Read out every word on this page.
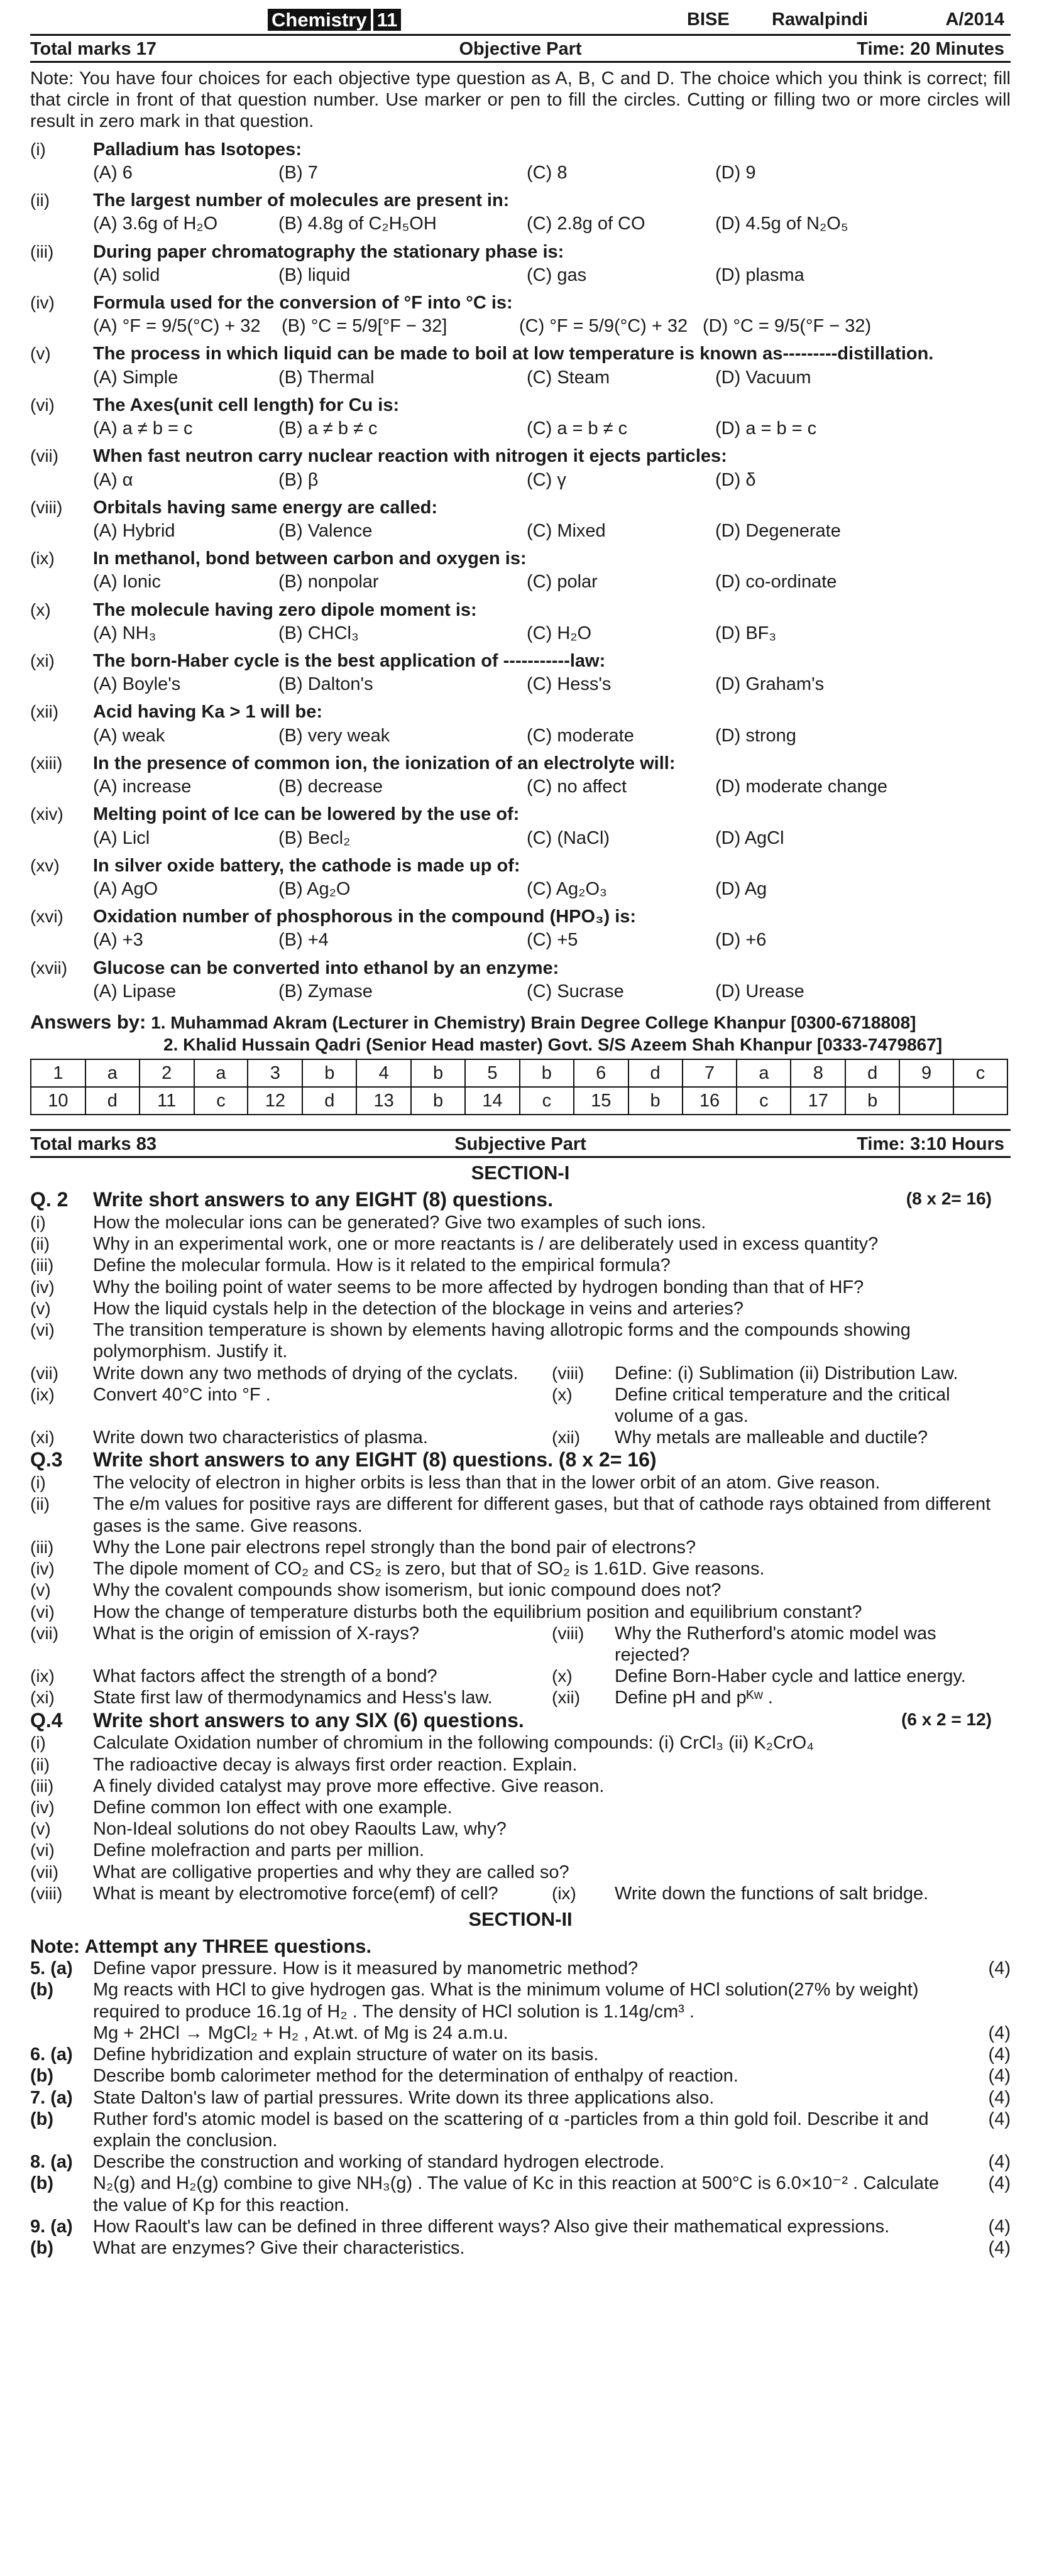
Chemistry 11	BISE Rawalpindi	A/2014
Objective Part
Total marks 17	Time: 20 Minutes
Note: You have four choices for each objective type question as A, B, C and D. The choice which you think is correct; fill that circle in front of that question number. Use marker or pen to fill the circles. Cutting or filling two or more circles will result in zero mark in that question.
(i)	Palladium has Isotopes:
(A) 6	(B) 7	(C) 8	(D) 9
(ii)	The largest number of molecules are present in:
(A) 3.6g of H₂O	(B) 4.8g of C₂H₅OH	(C) 2.8g of CO	(D) 4.5g of N₂O₅
(iii)	During paper chromatography the stationary phase is:
(A) solid	(B) liquid	(C) gas	(D) plasma
(iv)	Formula used for the conversion of °F into °C is:
(A) °F = 9/5(°C) + 32	(B) °C = 5/9[°F − 32]	(C) °F = 5/9(°C) + 32 (D) °C = 9/5(°F − 32)
(v)	The process in which liquid can be made to boil at low temperature is known as---------distillation.
(A) Simple	(B) Thermal	(C) Steam	(D) Vacuum
(vi)	The Axes(unit cell length) for Cu is:
(A) a ≠ b = c	(B) a ≠ b ≠ c	(C) a = b ≠ c	(D) a = b = c
(vii)	When fast neutron carry nuclear reaction with nitrogen it ejects particles:
(A) α	(B) β	(C) γ	(D) δ
(viii)	Orbitals having same energy are called:
(A) Hybrid	(B) Valence	(C) Mixed	(D) Degenerate
(ix)	In methanol, bond between carbon and oxygen is:
(A) Ionic	(B) nonpolar	(C) polar	(D) co-ordinate
(x)	The molecule having zero dipole moment is:
(A) NH₃	(B) CHCl₃	(C) H₂O	(D) BF₃
(xi)	The born-Haber cycle is the best application of -----------law:
(A) Boyle's	(B) Dalton's	(C) Hess's	(D) Graham's
(xii)	Acid having Ka > 1 will be:
(A) weak	(B) very weak	(C) moderate	(D) strong
(xiii)	In the presence of common ion, the ionization of an electrolyte will:
(A) increase	(B) decrease	(C) no affect	(D) moderate change
(xiv)	Melting point of Ice can be lowered by the use of:
(A) Licl	(B) Becl₂	(C) (NaCl)	(D) AgCl
(xv)	In silver oxide battery, the cathode is made up of:
(A) AgO	(B) Ag₂O	(C) Ag₂O₃	(D) Ag
(xvi)	Oxidation number of phosphorous in the compound (HPO₃) is:
(A) +3	(B) +4	(C) +5	(D) +6
(xvii)	Glucose can be converted into ethanol by an enzyme:
(A) Lipase	(B) Zymase	(C) Sucrase	(D) Urease
Answers by: 1. Muhammad Akram (Lecturer in Chemistry) Brain Degree College Khanpur [0300-6718808]
2. Khalid Hussain Qadri (Senior Head master) Govt. S/S Azeem Shah Khanpur [0333-7479867]
1	a	2	a	3	b	4	b	5	b	6	d	7	a	8	d	9	c
10	d	11	c	12	d	13	b	14	c	15	b	16	c	17	b		
Subjective Part
Total marks 83	Time: 3:10 Hours
SECTION-I
Q. 2	Write short answers to any EIGHT (8) questions.	(8 x 2= 16)
(i)	How the molecular ions can be generated? Give two examples of such ions.
(ii)	Why in an experimental work, one or more reactants is / are deliberately used in excess quantity?
(iii)	Define the molecular formula. How is it related to the empirical formula?
(iv)	Why the boiling point of water seems to be more affected by hydrogen bonding than that of HF?
(v)	How the liquid cystals help in the detection of the blockage in veins and arteries?
(vi)	The transition temperature is shown by elements having allotropic forms and the compounds showing polymorphism. Justify it.
(vii)	Write down any two methods of drying of the cyclats.	(viii)	Define: (i) Sublimation (ii) Distribution Law.
(ix)	Convert 40°C into °F .	(x)	Define critical temperature and the critical volume of a gas.
(xi)	Write down two characteristics of plasma.	(xii)	Why metals are malleable and ductile?
Q.3	Write short answers to any EIGHT (8) questions. (8 x 2= 16)
(i)	The velocity of electron in higher orbits is less than that in the lower orbit of an atom. Give reason.
(ii)	The e/m values for positive rays are different for different gases, but that of cathode rays obtained from different gases is the same. Give reasons.
(iii)	Why the Lone pair electrons repel strongly than the bond pair of electrons?
(iv)	The dipole moment of CO₂ and CS₂ is zero, but that of SO₂ is 1.61D. Give reasons.
(v)	Why the covalent compounds show isomerism, but ionic compound does not?
(vi)	How the change of temperature disturbs both the equilibrium position and equilibrium constant?
(vii)	What is the origin of emission of X-rays?	(viii)	Why the Rutherford's atomic model was rejected?
(ix)	What factors affect the strength of a bond?	(x)	Define Born-Haber cycle and lattice energy.
(xi)	State first law of thermodynamics and Hess's law.	(xii)	Define pH and pᴷʷ .
Q.4	Write short answers to any SIX (6) questions.	(6 x 2 = 12)
(i)	Calculate Oxidation number of chromium in the following compounds: (i) CrCl₃ (ii) K₂CrO₄
(ii)	The radioactive decay is always first order reaction. Explain.
(iii)	A finely divided catalyst may prove more effective. Give reason.
(iv)	Define common Ion effect with one example.
(v)	Non-Ideal solutions do not obey Raoults Law, why?
(vi)	Define molefraction and parts per million.
(vii)	What are colligative properties and why they are called so?
(viii)	What is meant by electromotive force(emf) of cell?	(ix)	Write down the functions of salt bridge.
SECTION-II
Note: Attempt any THREE questions.
5. (a)	Define vapor pressure. How is it measured by manometric method?	(4)
(b)	Mg reacts with HCl to give hydrogen gas. What is the minimum volume of HCl solution(27% by weight) required to produce 16.1g of H₂ . The density of HCl solution is 1.14g/cm³ .
Mg + 2HCl → MgCl₂ + H₂ , At.wt. of Mg is 24 a.m.u.	(4)
6. (a)	Define hybridization and explain structure of water on its basis.	(4)
(b)	Describe bomb calorimeter method for the determination of enthalpy of reaction.	(4)
7. (a)	State Dalton's law of partial pressures. Write down its three applications also.	(4)
(b)	Ruther ford's atomic model is based on the scattering of α -particles from a thin gold foil. Describe it and explain the conclusion.
(4)
8. (a)	Describe the construction and working of standard hydrogen electrode.	(4)
(b)	N₂(g) and H₂(g) combine to give NH₃(g) . The value of Kc in this reaction at 500°C is 6.0×10⁻² . Calculate the value of Kp for this reaction.
(4)
9. (a)	How Raoult's law can be defined in three different ways? Also give their mathematical expressions.	(4)
(b)	What are enzymes? Give their characteristics.	(4)
